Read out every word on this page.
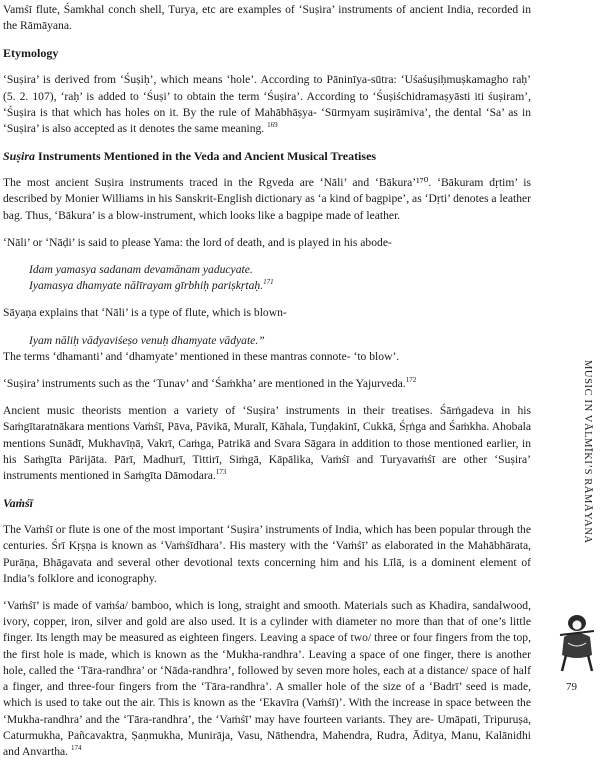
Vamśī flute, Śamkhal conch shell, Turya, etc are examples of ‘Suṣira’ instruments of ancient India, recorded in the Rāmāyana.

Etymology

‘Suṣira’ is derived from ‘Śuṣiḥ’, which means ‘hole’. According to Pāninīya-sūtra: ‘Uśaśuṣiḥmuṣkamagho raḥ’ (5. 2. 107), ‘raḥ’ is added to ‘Śuṣi’ to obtain the term ‘Śuṣira’. According to ‘Śuṣiśchidramaṣyāsti iti śuṣiram’, ‘Śuṣira is that which has holes on it. By the rule of Mahābhāṣya- ‘Sūrmyam suṣirāmiva’, the dental ‘Sa’ as in ‘Suṣira’ is also accepted as it denotes the same meaning. $^{169}$

Suṣira Instruments Mentioned in the Veda and Ancient Musical Treatises

The most ancient Suṣira instruments traced in the Rgveda are ‘Nāli’ and ‘Bākura’¹⁷⁰. ‘Bākuram dṛtim’ is described by Monier Williams in his Sanskrit-English dictionary as ‘a kind of bagpipe’, as ‘Dṛti’ denotes a leather bag. Thus, ‘Bākura’ is a blow-instrument, which looks like a bagpipe made of leather.

‘Nāli’ or ‘Nāḍi’ is said to please Yama: the lord of death, and is played in his abode-

Idam yamasya sadanam devamānam yaducyate.

Iyamasya dhamyate nālīrayam gīrbhiḥ pariṣkṛtaḥ.$^{171}$

Sāyaṇa explains that ‘Nāli’ is a type of flute, which is blown-

Iyam nāliḥ vādyaviśeṣo venuḥ dhamyate vādyate.”

The terms ‘dhamanti’ and ‘dhamyate’ mentioned in these mantras connote- ‘to blow’.

‘Suṣira’ instruments such as the ‘Tunav’ and ‘Śaṁkha’ are mentioned in the Yajurveda.$^{172}$

Ancient music theorists mention a variety of ‘Suṣira’ instruments in their treatises. Śārṅgadeva in his Saṁgītaratnākara mentions Vaṁśī, Pāva, Pāvikā, Muralī, Kāhala, Tuṇḍakinī, Cukkā, Śṛṅga and Śaṁkha. Ahobala mentions Sunādī, Mukhavīṇā, Vakrī, Caṁga, Patrikā and Svara Sāgara in addition to those mentioned earlier, in his Saṁgīta Pārijāta. Pārī, Madhurī, Tittirī, Siṁgā, Kāpālika, Vaṁśī and Turyavaṁśī are other ‘Suṣira’ instruments mentioned in Saṁgīta Dāmodara.$^{173}$

Vaṁśī

The Vaṁśī or flute is one of the most important ‘Suṣira’ instruments of India, which has been popular through the centuries. Śrī Kṛṣṇa is known as ‘Vaṁśīdhara’. His mastery with the ‘Vaṁśī’ as elaborated in the Mahābhārata, Purāṇa, Bhāgavata and several other devotional texts concerning him and his Līlā, is a dominent element of India’s folklore and iconography.

‘Vaṁśī’ is made of vaṁśa/ bamboo, which is long, straight and smooth. Materials such as Khadira, sandalwood, ivory, copper, iron, silver and gold are also used. It is a cylinder with diameter no more than that of one’s little finger. Its length may be measured as eighteen fingers. Leaving a space of two/ three or four fingers from the top, the first hole is made, which is known as the ‘Mukha-randhra’. Leaving a space of one finger, there is another hole, called the ‘Tāra-randhra’ or ‘Nāda-randhra’, followed by seven more holes, each at a distance/ space of half a finger, and three-four fingers from the ‘Tāra-randhra’. A smaller hole of the size of a ‘Badrī’ seed is made, which is used to take out the air. This is known as the ‘Ekavīra (Vaṁśī)’. With the increase in space between the ‘Mukha-randhra’ and the ‘Tāra-randhra’, the ‘Vaṁśī’ may have fourteen variants. They are- Umāpati, Tripuruṣa, Caturmukha, Pañcavaktra, Ṣaṇmukha, Munirāja, Vasu, Nāthendra, Mahendra, Rudra, Āditya, Manu, Kalānidhi and Anvartha. $^{174}$

MUSIC IN VĀLMĪKI’S RĀMĀYANA
79
